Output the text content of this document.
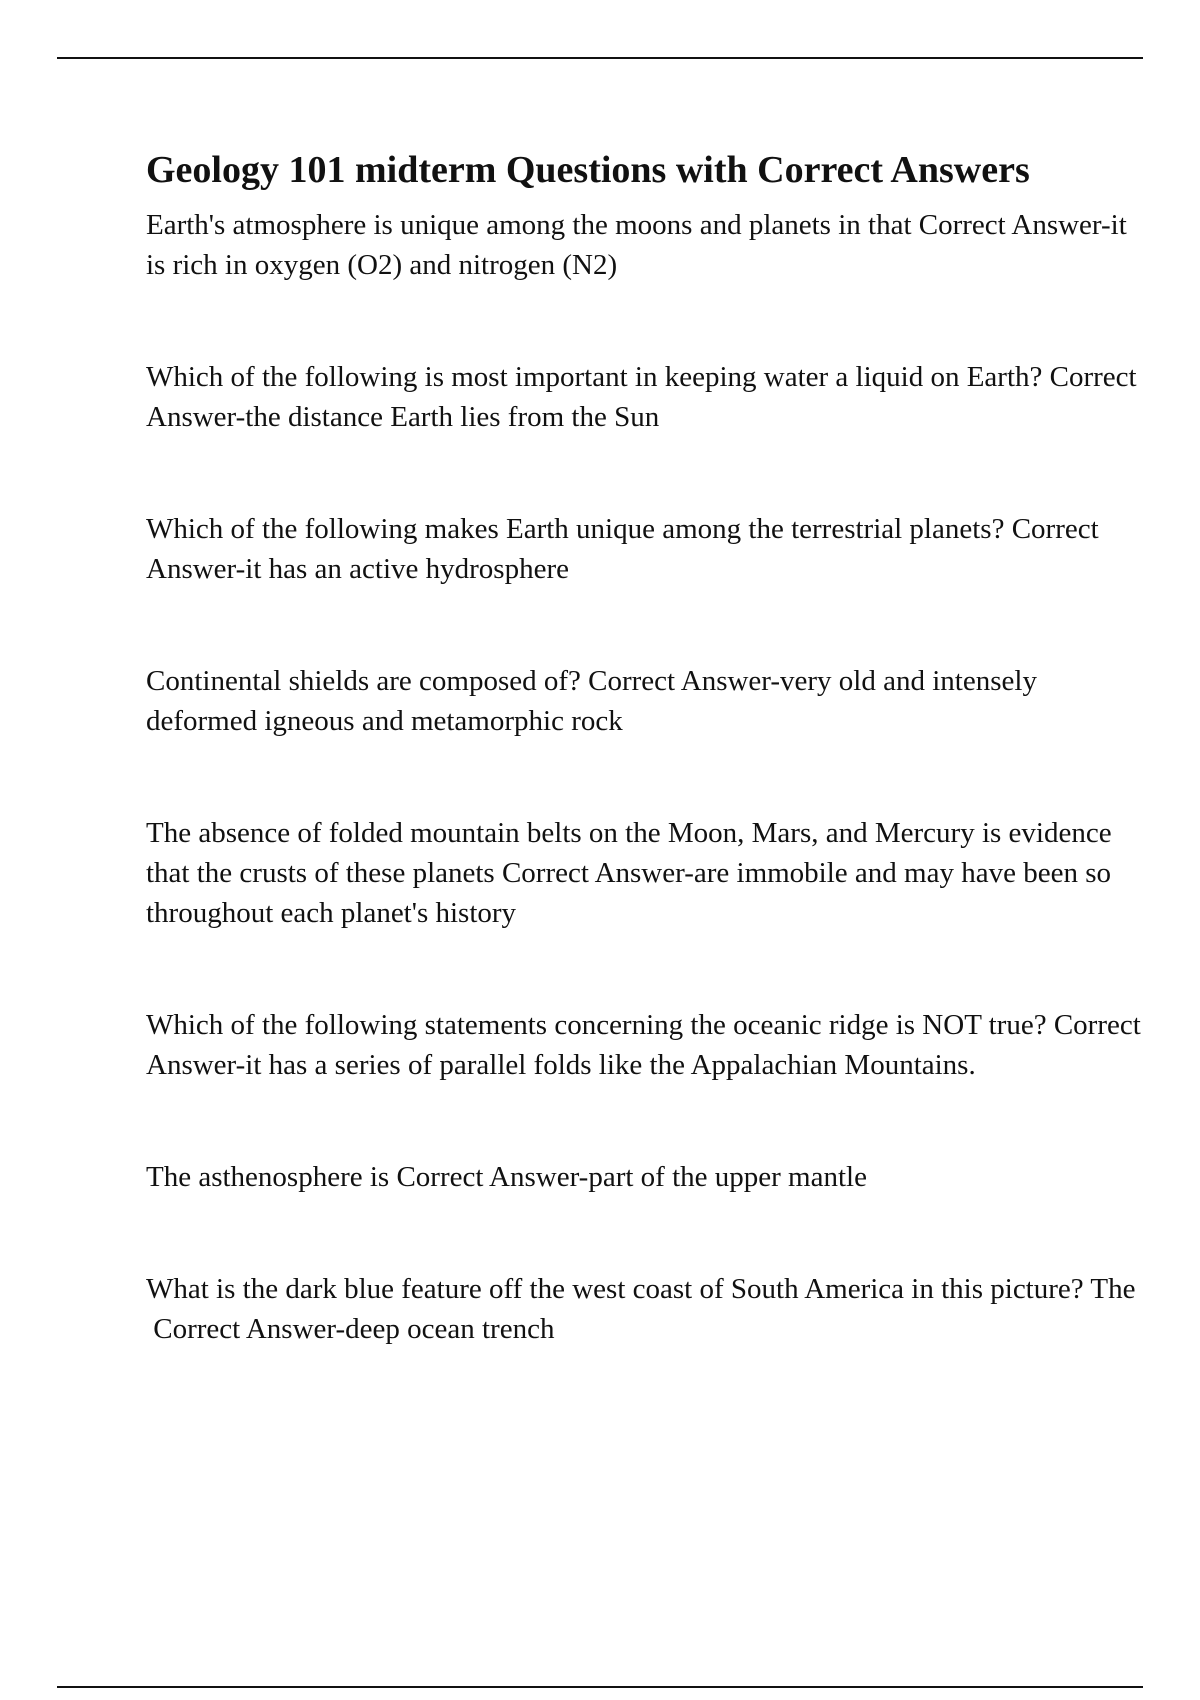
Geology 101 midterm Questions with Correct Answers
Earth's atmosphere is unique among the moons and planets in that Correct Answer-it is rich in oxygen (O2) and nitrogen (N2)
Which of the following is most important in keeping water a liquid on Earth? Correct Answer-the distance Earth lies from the Sun
Which of the following makes Earth unique among the terrestrial planets? Correct Answer-it has an active hydrosphere
Continental shields are composed of? Correct Answer-very old and intensely deformed igneous and metamorphic rock
The absence of folded mountain belts on the Moon, Mars, and Mercury is evidence that the crusts of these planets Correct Answer-are immobile and may have been so throughout each planet's history
Which of the following statements concerning the oceanic ridge is NOT true? Correct Answer-it has a series of parallel folds like the Appalachian Mountains.
The asthenosphere is Correct Answer-part of the upper mantle
What is the dark blue feature off the west coast of South America in this picture? The Correct Answer-deep ocean trench
